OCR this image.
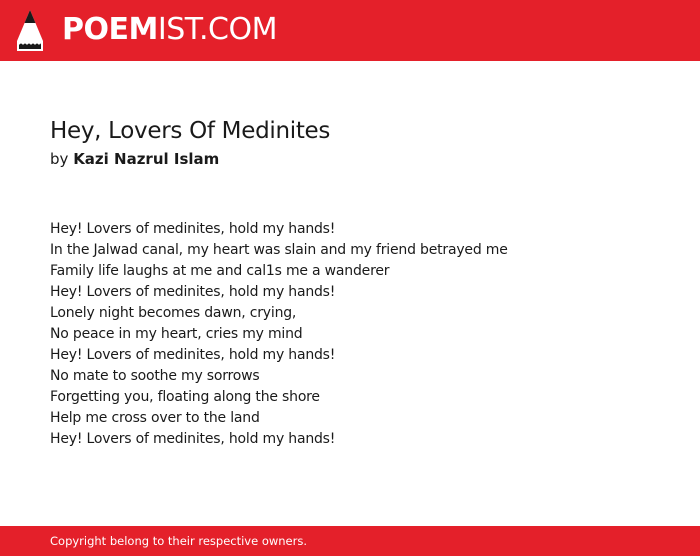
POEMIST.COM
Hey, Lovers Of Medinites
by Kazi Nazrul Islam
Hey! Lovers of medinites, hold my hands!
In the Jalwad canal, my heart was slain and my friend betrayed me
Family life laughs at me and cal1s me a wanderer
Hey! Lovers of medinites, hold my hands!
Lonely night becomes dawn, crying,
No peace in my heart, cries my mind
Hey! Lovers of medinites, hold my hands!
No mate to soothe my sorrows
Forgetting you, floating along the shore
Help me cross over to the land
Hey! Lovers of medinites, hold my hands!
Copyright belong to their respective owners.
